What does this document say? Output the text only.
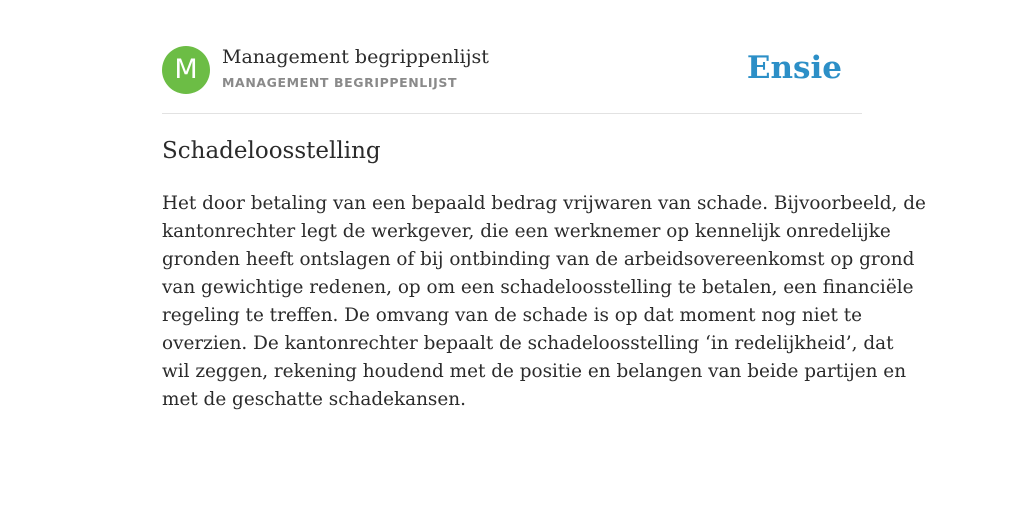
M	Management begrippenlijst
MANAGEMENT BEGRIPPENLIJST	Ensie
Schadeloosstelling

Het door betaling van een bepaald bedrag vrijwaren van schade. Bijvoorbeeld, de
kantonrechter legt de werkgever, die een werknemer op kennelijk onredelijke
gronden heeft ontslagen of bij ontbinding van de arbeidsovereenkomst op grond
van gewichtige redenen, op om een schadeloosstelling te betalen, een financiële
regeling te treffen. De omvang van de schade is op dat moment nog niet te
overzien. De kantonrechter bepaalt de schadeloosstelling ‘in redelijkheid’, dat
wil zeggen, rekening houdend met de positie en belangen van beide partijen en
met de geschatte schadekansen.
